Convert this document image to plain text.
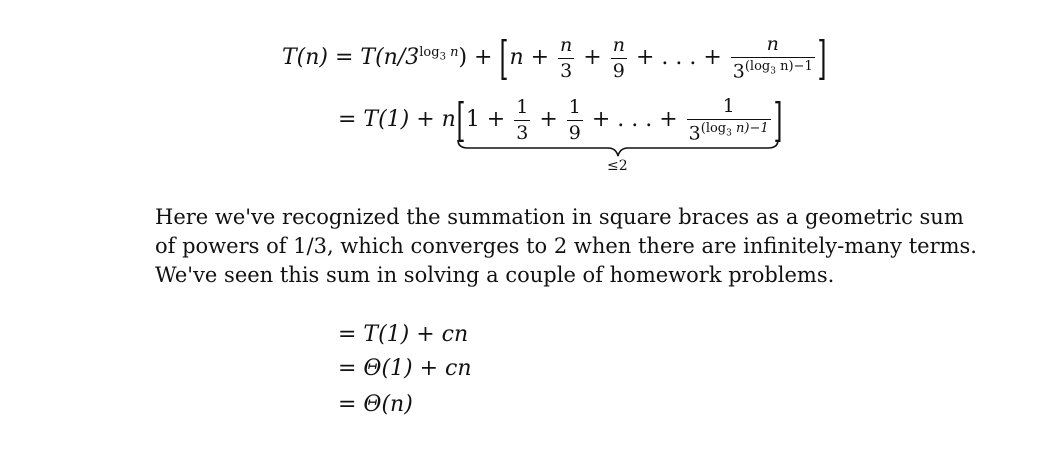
$T(n) = T(n/3^{log_3 n}) + [n + \frac{n}{3} + \frac{n}{9}$ + . . . + $\frac{n}{3^{(log_3 n)-1}}$ ]
= $T(1) + n[1 + \frac{1}{3} + \frac{1}{9}$ + . . . + $\frac{1}{3^{(log_3 n)-1}}$ ]
≤2
Here we've recognized the summation in square braces as a geometric sum of powers of 1/3, which converges to 2 when there are infinitely-many terms. We've seen this sum in solving a couple of homework problems.
= T(1) + cn
= Θ(1) + cn
= Θ(n)
